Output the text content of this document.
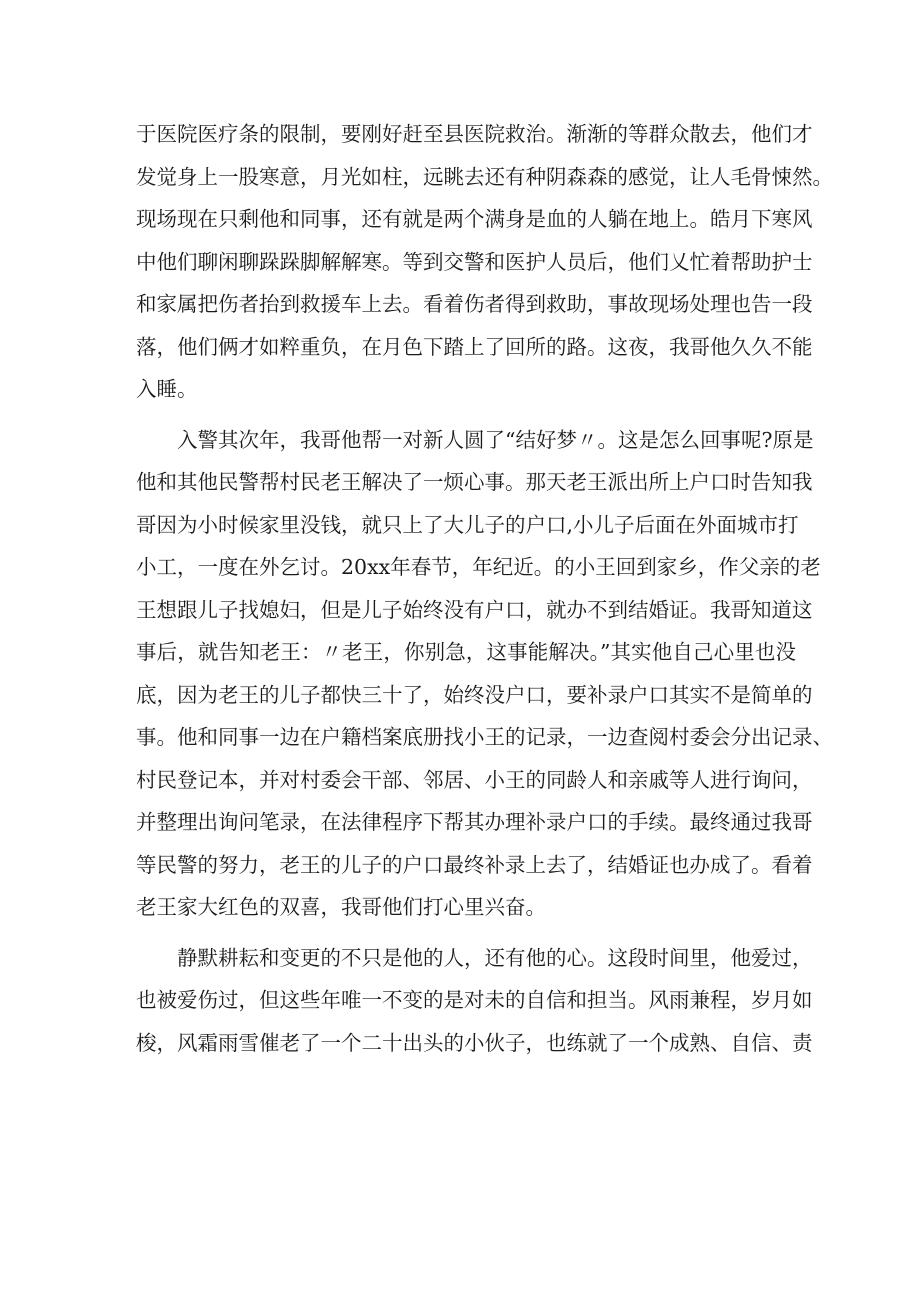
于医院医疗条的限制，要刚好赶至县医院救治。渐渐的等群众散去，他们才
发觉身上一股寒意，月光如柱，远眺去还有种阴森森的感觉，让人毛骨悚然。
现场现在只剩他和同事，还有就是两个满身是血的人躺在地上。皓月下寒风
中他们聊闲聊跺跺脚解解寒。等到交警和医护人员后，他们乂忙着帮助护士
和家属把伤者抬到救援车上去。看着伤者得到救助，事故现场处理也告一段
落，他们俩才如粹重负，在月色下踏上了回所的路。这夜，我哥他久久不能
入睡。
入警其次年，我哥他帮一对新人圆了“结好梦〃。这是怎么回事呢?原是
他和其他民警帮村民老王解决了一烦心事。那天老王派出所上户口时告知我
哥因为小时候家里没钱，就只上了大儿子的户口,小儿子后面在外面城市打
小工，一度在外乞讨。20xx年春节，年纪近。的小王回到家乡，作父亲的老
王想跟儿子找媳妇，但是儿子始终没有户口，就办不到结婚证。我哥知道这
事后，就告知老王：〃老王，你别急，这事能解决。”其实他自己心里也没
底，因为老王的儿子都快三十了，始终没户口，要补录户口其实不是简单的
事。他和同事一边在户籍档案底册找小王的记录，一边查阅村委会分出记录、
村民登记本，并对村委会干部、邻居、小王的同龄人和亲戚等人进行询问，
并整理出询问笔录，在法律程序下帮其办理补录户口的手续。最终通过我哥
等民警的努力，老王的儿子的户口最终补录上去了，结婚证也办成了。看着
老王家大红色的双喜，我哥他们打心里兴奋。
静默耕耘和变更的不只是他的人，还有他的心。这段时间里，他爱过，
也被爱伤过，但这些年唯一不变的是对未的自信和担当。风雨兼程，岁月如
梭，风霜雨雪催老了一个二十出头的小伙子，也练就了一个成熟、自信、责
